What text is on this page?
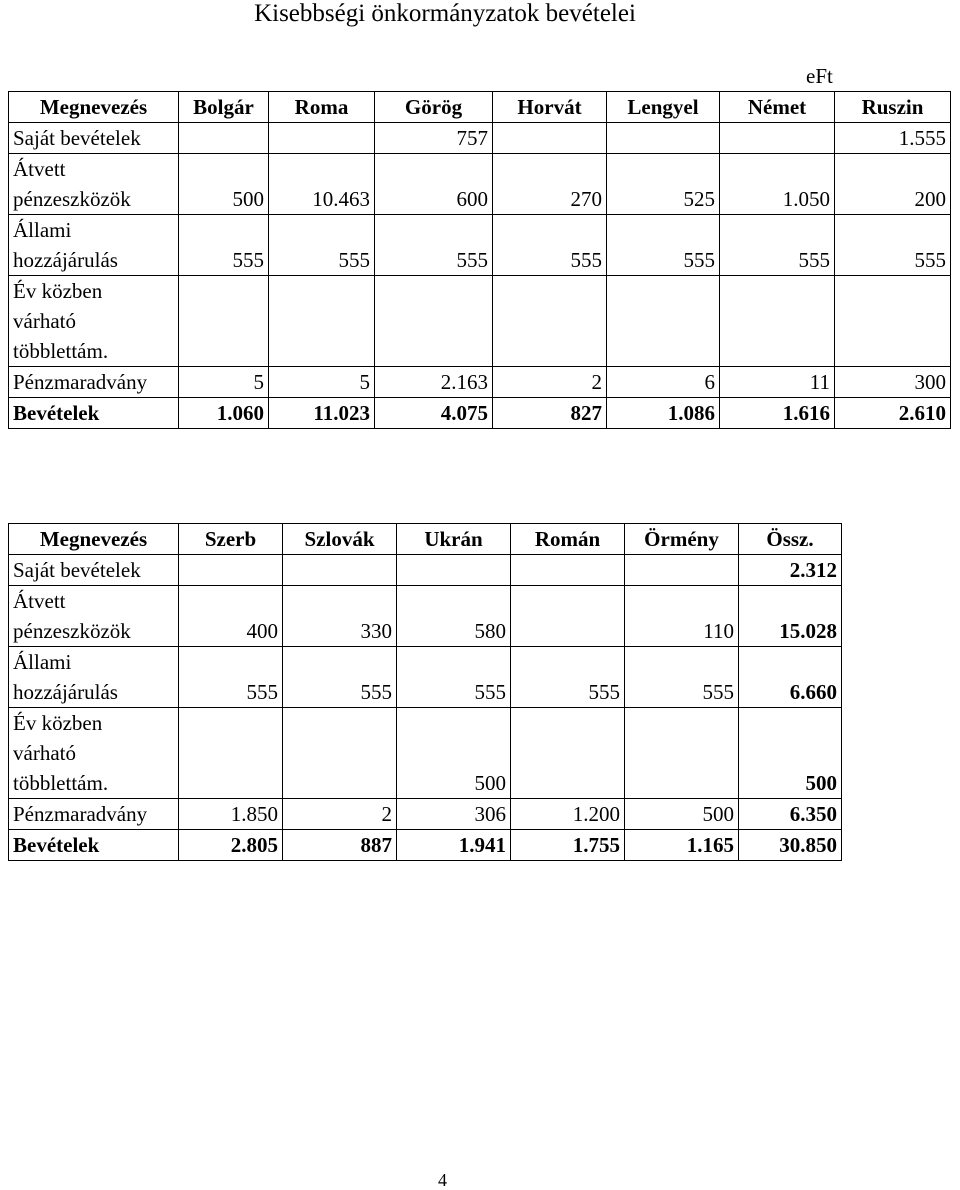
Kisebbségi önkormányzatok bevételei
eFt
Megnevezés	Bolgár	Roma	Görög	Horvát	Lengyel	Német	Ruszin
Saját bevételek			757				1.555
Átvett
pénzeszközök	500	10.463	600	270	525	1.050	200
Állami
hozzájárulás	555	555	555	555	555	555	555
Év közben
várható
többlettám.							
Pénzmaradvány	5	5	2.163	2	6	11	300
Bevételek	1.060	11.023	4.075	827	1.086	1.616	2.610
Megnevezés	Szerb	Szlovák	Ukrán	Román	Örmény	Össz.
Saját bevételek						2.312
Átvett
pénzeszközök	400	330	580		110	15.028
Állami
hozzájárulás	555	555	555	555	555	6.660
Év közben
várható
többlettám.			500			500
Pénzmaradvány	1.850	2	306	1.200	500	6.350
Bevételek	2.805	887	1.941	1.755	1.165	30.850
4
